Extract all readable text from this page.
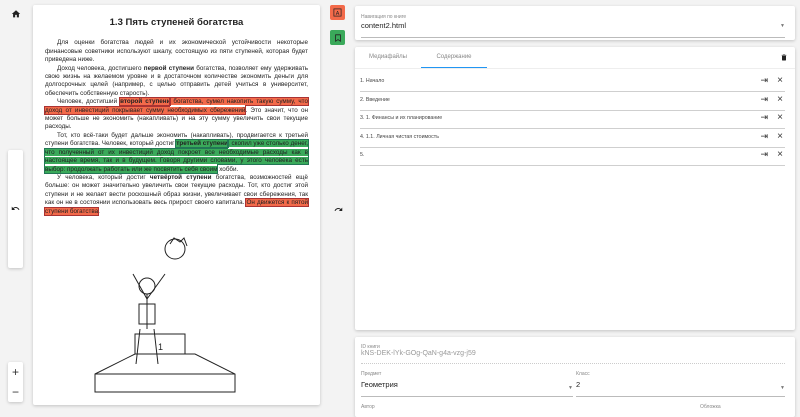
+
−
1.3 Пять ступеней богатства

Для оценки богатства людей и их экономической устойчивости некоторые финансовые советники используют шкалу, состоящую из пяти ступеней, которая будет приведена ниже.

Доход человека, достигшего первой ступени богатства, позволяет ему удерживать свою жизнь на желаемом уровне и в достаточном количестве экономить деньги для долгосрочных целей (например, с целью отправить детей учиться в университет, обеспечить собственную старость).

Человек, достигший второй ступени богатства, сумел накопить такую сумму, что доход от инвестиций покрывает сумму необходимых сбережений. Это значит, что он может больше не экономить (накапливать) и на эту сумму увеличить свои текущие расходы.

Тот, кто всё-таки будет дальше экономить (накапливать), продвигается к третьей ступени богатства. Человек, который достиг третьей ступени, скопил уже столько денег, что полученный от их инвестиций доход покроет все необходимые расходы как в настоящее время, так и в будущем. Говоря другими словами, у этого человека есть выбор: продолжать работать или же посвятить себя своим хобби.

У человека, который достиг четвёртой ступени богатства, возможностей ещё больше: он может значительно увеличить свои текущие расходы. Тот, кто достиг этой ступени и не желает вести роскошный образ жизни, увеличивает свои сбережения, так как он не в состоянии использовать весь прирост своего капитала. Он движется к пятой ступени богатства.

1
A
Навигация по книге
content2.html	▼
Медиафайлы	Содержание
1. Начало	⇥ ×
2. Введение	⇥ ×
3. 1. Финансы и их планирование	⇥ ×
4. 1.1. Личная чистая стоимость	⇥ ×
5.	⇥ ×
ID книги
kNS-DEK-lYk-GOg-QaN-g4a-vzg-j59
Предмет
Геометрия	▼
Класс
2	▼
Автор	Обложка
